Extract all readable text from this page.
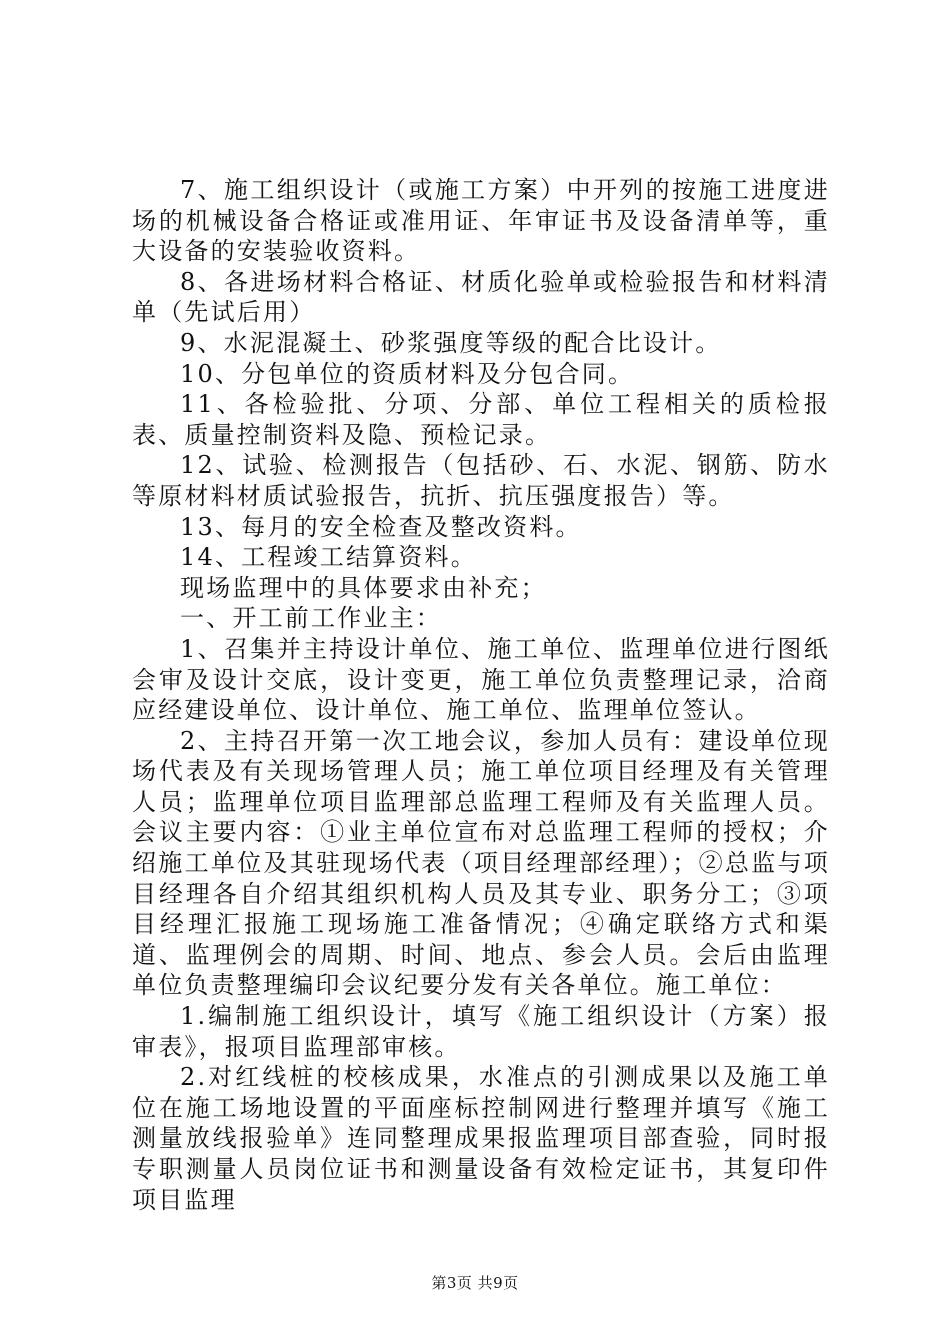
7、施工组织设计（或施工方案）中开列的按施工进度进场的机械设备合格证或准用证、年审证书及设备清单等，重大设备的安装验收资料。

8、各进场材料合格证、材质化验单或检验报告和材料清单（先试后用）

9、水泥混凝土、砂浆强度等级的配合比设计。

10、分包单位的资质材料及分包合同。

11、各检验批、分项、分部、单位工程相关的质检报表、质量控制资料及隐、预检记录。

12、试验、检测报告（包括砂、石、水泥、钢筋、防水等原材料材质试验报告，抗折、抗压强度报告）等。

13、每月的安全检查及整改资料。

14、工程竣工结算资料。

现场监理中的具体要求由补充；

一、开工前工作业主：

1、召集并主持设计单位、施工单位、监理单位进行图纸会审及设计交底，设计变更，施工单位负责整理记录，洽商应经建设单位、设计单位、施工单位、监理单位签认。

2、主持召开第一次工地会议，参加人员有：建设单位现场代表及有关现场管理人员；施工单位项目经理及有关管理人员；监理单位项目监理部总监理工程师及有关监理人员。会议主要内容：①业主单位宣布对总监理工程师的授权；介绍施工单位及其驻现场代表（项目经理部经理）；②总监与项目经理各自介绍其组织机构人员及其专业、职务分工；③项目经理汇报施工现场施工准备情况；④确定联络方式和渠道、监理例会的周期、时间、地点、参会人员。会后由监理单位负责整理编印会议纪要分发有关各单位。施工单位：

1.编制施工组织设计，填写《施工组织设计（方案）报审表》，报项目监理部审核。

2.对红线桩的校核成果，水准点的引测成果以及施工单位在施工场地设置的平面座标控制网进行整理并填写《施工测量放线报验单》连同整理成果报监理项目部查验，同时报专职测量人员岗位证书和测量设备有效检定证书，其复印件项目监理

第3页 共9页
